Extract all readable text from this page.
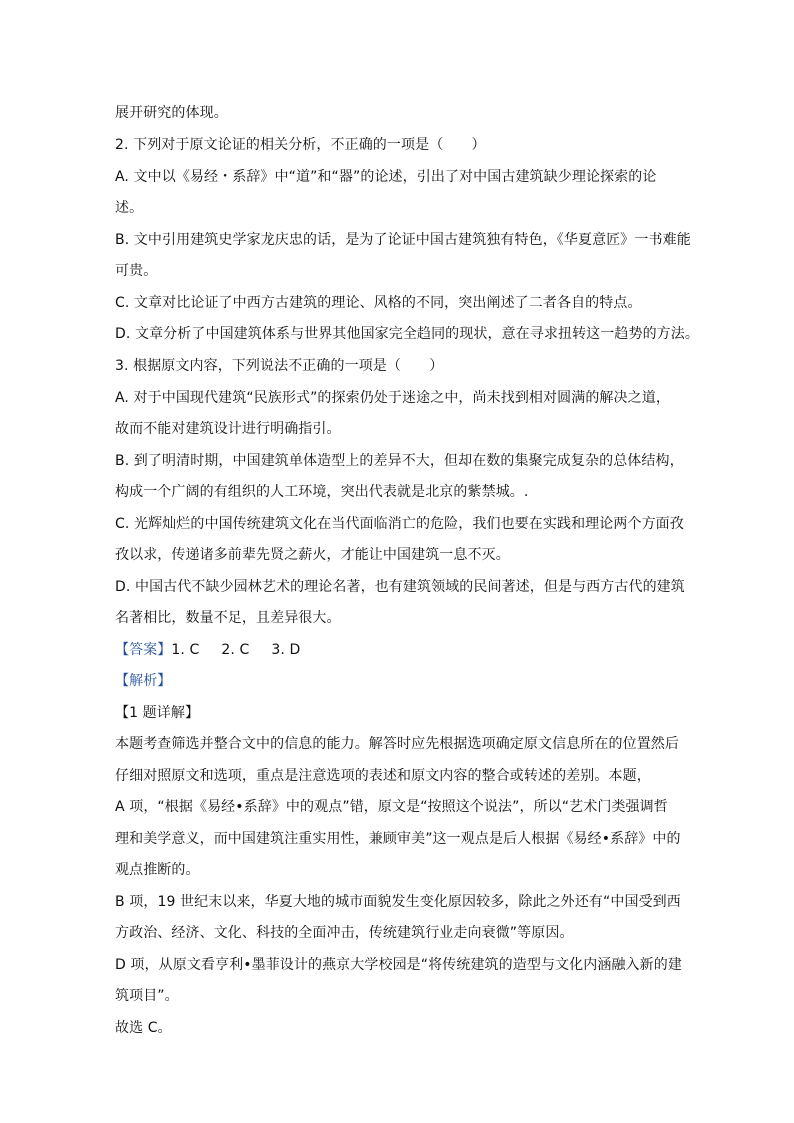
展开研究的体现。
2. 下列对于原文论证的相关分析，不正确的一项是（　　）
A. 文中以《易经・系辞》中“道”和“器”的论述，引出了对中国古建筑缺少理论探索的论
述。
B. 文中引用建筑史学家龙庆忠的话，是为了论证中国古建筑独有特色，《华夏意匠》一书难能
可贵。
C. 文章对比论证了中西方古建筑的理论、风格的不同，突出阐述了二者各自的特点。
D. 文章分析了中国建筑体系与世界其他国家完全趋同的现状，意在寻求扭转这一趋势的方法。
3. 根据原文内容，下列说法不正确的一项是（　　）
A. 对于中国现代建筑“民族形式”的探索仍处于迷途之中，尚未找到相对圆满的解决之道，
故而不能对建筑设计进行明确指引。
B. 到了明清时期，中国建筑单体造型上的差异不大，但却在数的集聚完成复杂的总体结构，
构成一个广阔的有组织的人工环境，突出代表就是北京的紫禁城。.
C. 光辉灿烂的中国传统建筑文化在当代面临消亡的危险，我们也要在实践和理论两个方面孜
孜以求，传递诸多前辈先贤之薪火，才能让中国建筑一息不灭。
D. 中国古代不缺少园林艺术的理论名著，也有建筑领域的民间著述，但是与西方古代的建筑
名著相比，数量不足，且差异很大。
【答案】1. C 2. C 3. D
【解析】
【1 题详解】
本题考查筛选并整合文中的信息的能力。解答时应先根据选项确定原文信息所在的位置然后
仔细对照原文和选项，重点是注意选项的表述和原文内容的整合或转述的差别。本题，
A 项，“根据《易经•系辞》中的观点”错，原文是“按照这个说法”，所以“艺术门类强调哲
理和美学意义，而中国建筑注重实用性，兼顾审美”这一观点是后人根据《易经•系辞》中的
观点推断的。
B 项，19 世纪末以来，华夏大地的城市面貌发生变化原因较多，除此之外还有“中国受到西
方政治、经济、文化、科技的全面冲击，传统建筑行业走向衰微”等原因。
D 项，从原文看亨利•墨菲设计的燕京大学校园是“将传统建筑的造型与文化内涵融入新的建
筑项目”。
故选 C。
